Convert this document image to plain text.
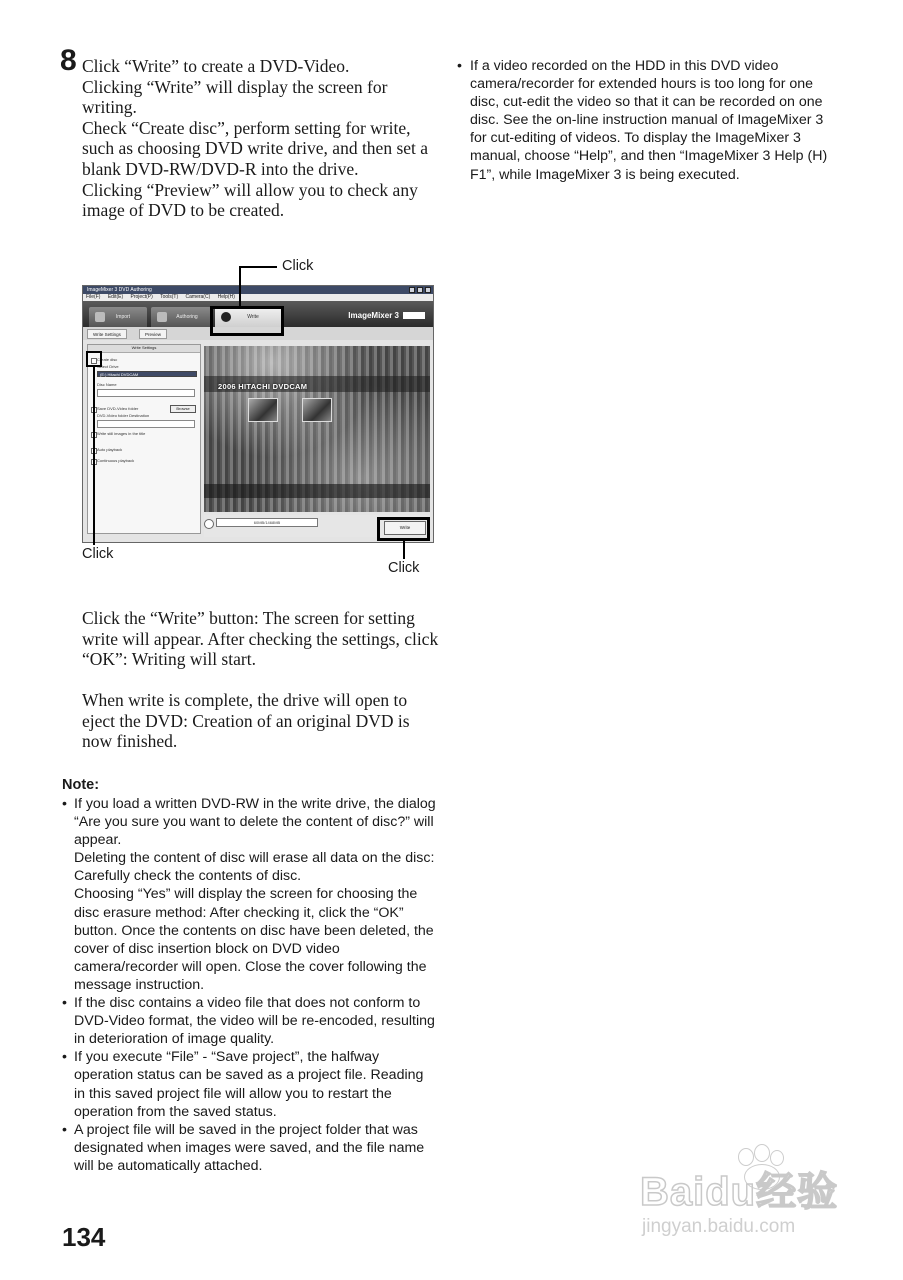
8 Click “Write” to create a DVD-Video.

Clicking “Write” will display the screen for writing.

Check “Create disc”, perform setting for write, such as choosing DVD write drive, and then set a blank DVD-RW/DVD-R into the drive.

Clicking “Preview” will allow you to check any image of DVD to be created.

ImageMixer 3 DVD Authoring
File(F) Edit(E) Project(P) Tools(T) Camera(C) Help(H)
Import	Authoring	Write	ImageMixer 3
Write Settings	Preview
Write Settings
Create disc
Select Drive
(E:) Hitachi DVDCAM
Disc Name
Save DVD-Video folder	Browse
DVD-Video folder Destination
Write still images in the title
Auto playback
Continuous playback
2006 HITACHI DVDCAM
60MB/1468MB
Write
Click
Click
Click

Click the “Write” button: The screen for setting write will appear. After checking the settings, click “OK”: Writing will start.

When write is complete, the drive will open to eject the DVD: Creation of an original DVD is now finished.

Note:
• If you load a written DVD-RW in the write drive, the dialog “Are you sure you want to delete the content of disc?” will appear.
Deleting the content of disc will erase all data on the disc: Carefully check the contents of disc.
Choosing “Yes” will display the screen for choosing the disc erasure method: After checking it, click the “OK” button. Once the contents on disc have been deleted, the cover of disc insertion block on DVD video camera/recorder will open. Close the cover following the message instruction.
• If the disc contains a video file that does not conform to DVD-Video format, the video will be re-encoded, resulting in deterioration of image quality.
• If you execute “File” - “Save project”, the halfway operation status can be saved as a project file. Reading in this saved project file will allow you to restart the operation from the saved status.
• A project file will be saved in the project folder that was designated when images were saved, and the file name will be automatically attached.
• If a video recorded on the HDD in this DVD video camera/recorder for extended hours is too long for one disc, cut-edit the video so that it can be recorded on one disc. See the on-line instruction manual of ImageMixer 3 for cut-editing of videos. To display the ImageMixer 3 manual, choose “Help”, and then “ImageMixer 3 Help (H) F1”, while ImageMixer 3 is being executed.
134
Baidu经验
jingyan.baidu.com
